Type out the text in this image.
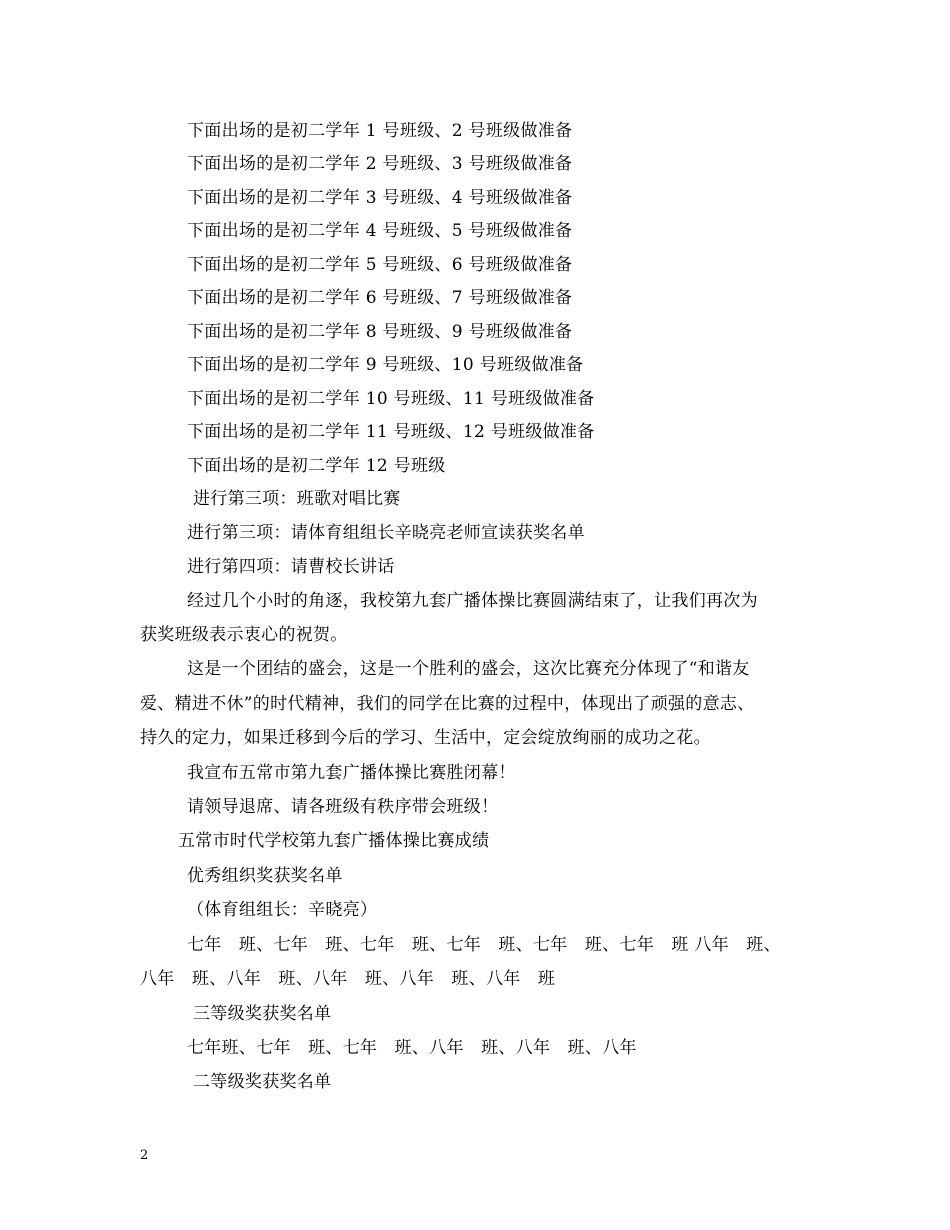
下面出场的是初二学年 1 号班级、2 号班级做准备
下面出场的是初二学年 2 号班级、3 号班级做准备
下面出场的是初二学年 3 号班级、4 号班级做准备
下面出场的是初二学年 4 号班级、5 号班级做准备
下面出场的是初二学年 5 号班级、6 号班级做准备
下面出场的是初二学年 6 号班级、7 号班级做准备
下面出场的是初二学年 8 号班级、9 号班级做准备
下面出场的是初二学年 9 号班级、10 号班级做准备
下面出场的是初二学年 10 号班级、11 号班级做准备
下面出场的是初二学年 11 号班级、12 号班级做准备
下面出场的是初二学年 12 号班级
进行第三项：班歌对唱比赛
进行第三项：请体育组组长辛晓亮老师宣读获奖名单
进行第四项：请曹校长讲话
经过几个小时的角逐，我校第九套广播体操比赛圆满结束了，让我们再次为
获奖班级表示衷心的祝贺。
这是一个团结的盛会，这是一个胜利的盛会，这次比赛充分体现了“和谐友
爱、精进不休”的时代精神，我们的同学在比赛的过程中，体现出了顽强的意志、
持久的定力，如果迁移到今后的学习、生活中，定会绽放绚丽的成功之花。
我宣布五常市第九套广播体操比赛胜闭幕！
请领导退席、请各班级有秩序带会班级！
五常市时代学校第九套广播体操比赛成绩
优秀组织奖获奖名单
（体育组组长：辛晓亮）
七年　班、七年　班、七年　班、七年　班、七年　班、七年　班 八年　班、
八年　班、八年　班、八年　班、八年　班、八年　班
三等级奖获奖名单
七年班、七年　班、七年　班、八年　班、八年　班、八年
二等级奖获奖名单
2
